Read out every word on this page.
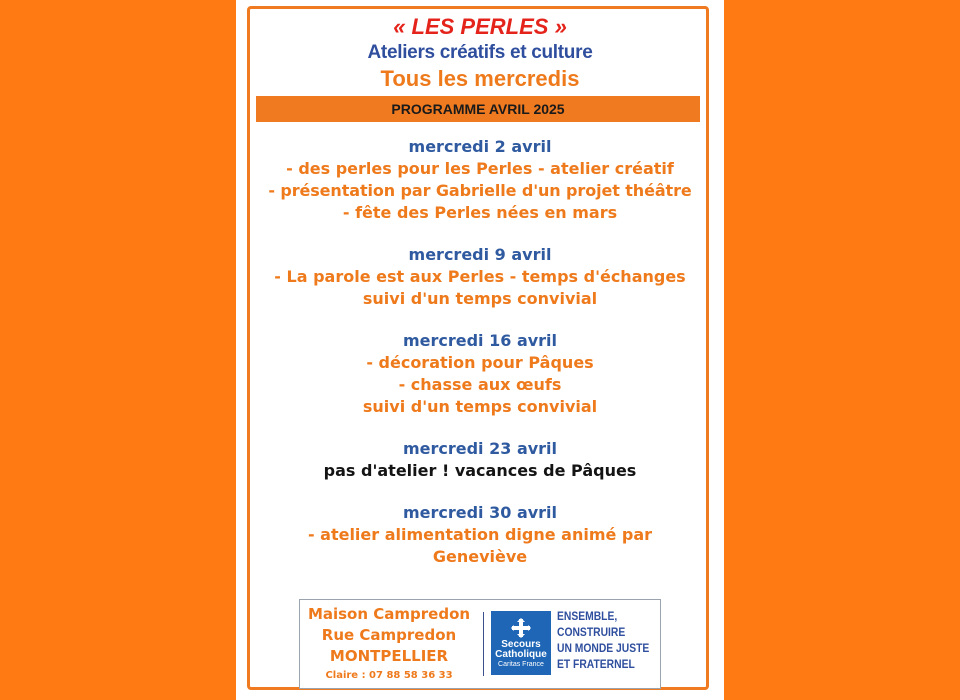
« LES PERLES »
Ateliers créatifs et culture
Tous les mercredis
PROGRAMME AVRIL 2025
mercredi 2 avril
- des perles pour les Perles - atelier créatif
- présentation par Gabrielle d'un projet théâtre
- fête des Perles nées en mars
mercredi 9 avril
- La parole est aux Perles - temps d'échanges
suivi d'un temps convivial
mercredi 16 avril
- décoration pour Pâques
- chasse aux œufs
suivi d'un temps convivial
mercredi 23 avril
pas d'atelier ! vacances de Pâques
mercredi 30 avril
- atelier alimentation digne animé par
Geneviève
Maison Campredon
Rue Campredon
MONTPELLIER
Claire : 07 88 58 36 33
Secours
Catholique
Caritas France
ENSEMBLE,
CONSTRUIRE
UN MONDE JUSTE
ET FRATERNEL
